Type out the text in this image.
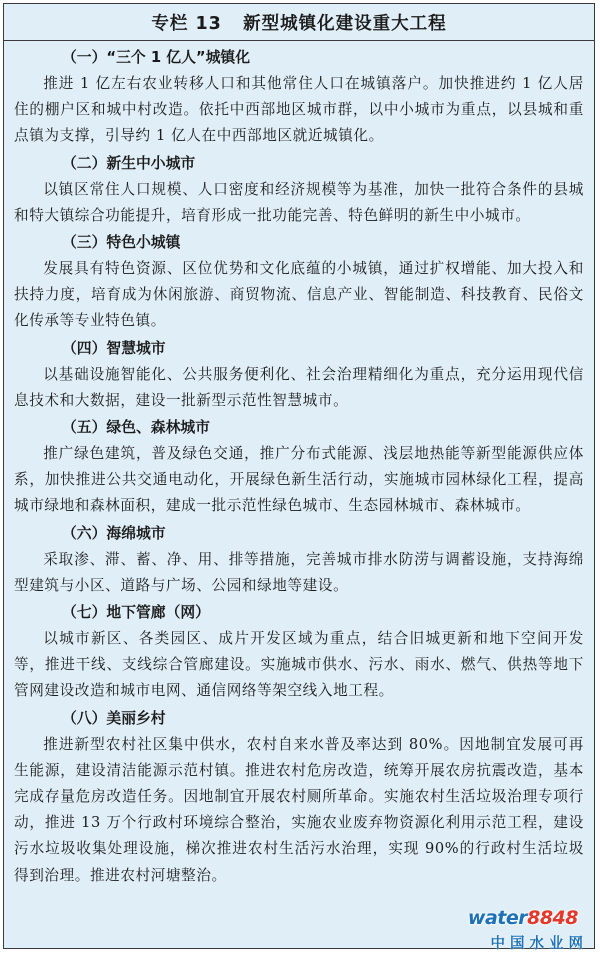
专栏 13   新型城镇化建设重大工程
（一）“三个 1 亿人”城镇化

推进 1 亿左右农业转移人口和其他常住人口在城镇落户。加快推进约 1 亿人居住的棚户区和城中村改造。依托中西部地区城市群，以中小城市为重点，以县城和重点镇为支撑，引导约 1 亿人在中西部地区就近城镇化。

（二）新生中小城市

以镇区常住人口规模、人口密度和经济规模等为基准，加快一批符合条件的县城和特大镇综合功能提升，培育形成一批功能完善、特色鲜明的新生中小城市。

（三）特色小城镇

发展具有特色资源、区位优势和文化底蕴的小城镇，通过扩权增能、加大投入和扶持力度，培育成为休闲旅游、商贸物流、信息产业、智能制造、科技教育、民俗文化传承等专业特色镇。

（四）智慧城市

以基础设施智能化、公共服务便利化、社会治理精细化为重点，充分运用现代信息技术和大数据，建设一批新型示范性智慧城市。

（五）绿色、森林城市

推广绿色建筑，普及绿色交通，推广分布式能源、浅层地热能等新型能源供应体系，加快推进公共交通电动化，开展绿色新生活行动，实施城市园林绿化工程，提高城市绿地和森林面积，建成一批示范性绿色城市、生态园林城市、森林城市。

（六）海绵城市

采取渗、滞、蓄、净、用、排等措施，完善城市排水防涝与调蓄设施，支持海绵型建筑与小区、道路与广场、公园和绿地等建设。

（七）地下管廊（网）

以城市新区、各类园区、成片开发区域为重点，结合旧城更新和地下空间开发等，推进干线、支线综合管廊建设。实施城市供水、污水、雨水、燃气、供热等地下管网建设改造和城市电网、通信网络等架空线入地工程。

（八）美丽乡村

推进新型农村社区集中供水，农村自来水普及率达到 80%。因地制宜发展可再生能源，建设清洁能源示范村镇。推进农村危房改造，统筹开展农房抗震改造，基本完成存量危房改造任务。因地制宜开展农村厕所革命。实施农村生活垃圾治理专项行动，推进 13 万个行政村环境综合整治，实施农业废弃物资源化利用示范工程，建设污水垃圾收集处理设施，梯次推进农村生活污水治理，实现 90%的行政村生活垃圾得到治理。推进农村河塘整治。

water8848
中国水业网
